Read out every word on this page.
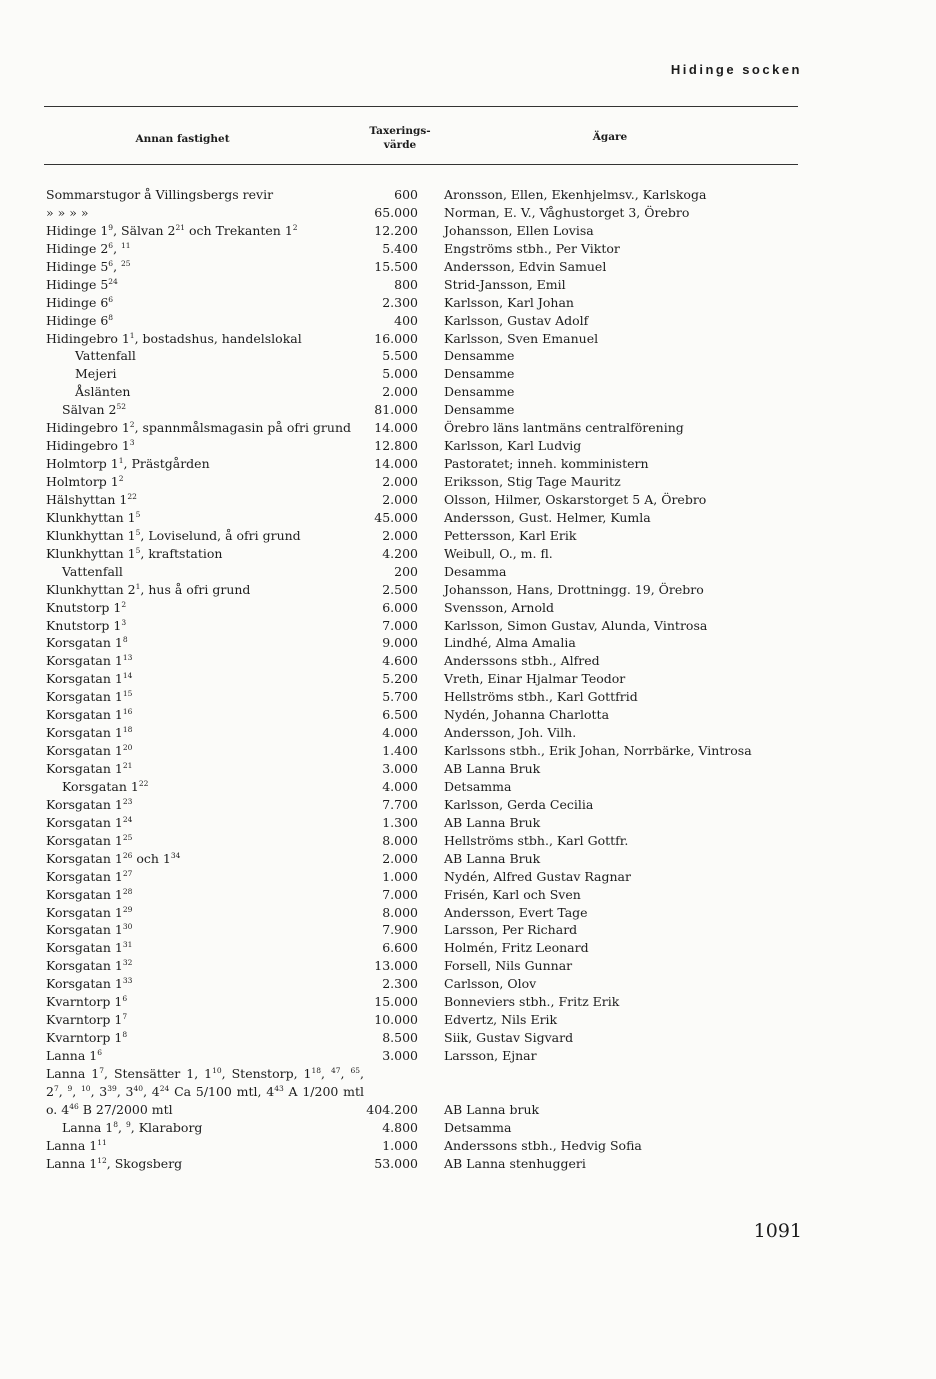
Hidinge socken
Annan fastighet
Taxerings-
värde
Ägare
Sommarstugor å Villingsbergs revir	600 Aronsson, Ellen, Ekenhjelmsv., Karlskoga
» » » »	65.000 Norman, E. V., Våghustorget 3, Örebro
Hidinge $1^9$, Sälvan $2^{21}$ och Trekanten $1^2$	12.200 Johansson, Ellen Lovisa
Hidinge $2^6$, $^{11}$	5.400 Engströms stbh., Per Viktor
Hidinge $5^6$, $^{25}$	15.500 Andersson, Edvin Samuel
Hidinge $5^{24}$	800 Strid-Jansson, Emil
Hidinge $6^6$	2.300 Karlsson, Karl Johan
Hidinge $6^8$	400 Karlsson, Gustav Adolf
Hidingebro $1^1$, bostadshus, handelslokal	16.000 Karlsson, Sven Emanuel
Vattenfall	5.500 Densamme
Mejeri	5.000 Densamme
Åslänten	2.000 Densamme
Sälvan $2^{52}$	81.000 Densamme
Hidingebro $1^2$, spannmålsmagasin på ofri grund	14.000 Örebro läns lantmäns centralförening
Hidingebro $1^3$	12.800 Karlsson, Karl Ludvig
Holmtorp $1^1$, Prästgården	14.000 Pastoratet; inneh. komministern
Holmtorp $1^2$	2.000 Eriksson, Stig Tage Mauritz
Hälshyttan $1^{22}$	2.000 Olsson, Hilmer, Oskarstorget 5 A, Örebro
Klunkhyttan $1^5$	45.000 Andersson, Gust. Helmer, Kumla
Klunkhyttan $1^5$, Loviselund, å ofri grund	2.000 Pettersson, Karl Erik
Klunkhyttan $1^5$, kraftstation	4.200 Weibull, O., m. fl.
Vattenfall	200 Desamma
Klunkhyttan $2^1$, hus å ofri grund	2.500 Johansson, Hans, Drottningg. 19, Örebro
Knutstorp $1^2$	6.000 Svensson, Arnold
Knutstorp $1^3$	7.000 Karlsson, Simon Gustav, Alunda, Vintrosa
Korsgatan $1^8$	9.000 Lindhé, Alma Amalia
Korsgatan $1^{13}$	4.600 Anderssons stbh., Alfred
Korsgatan $1^{14}$	5.200 Vreth, Einar Hjalmar Teodor
Korsgatan $1^{15}$	5.700 Hellströms stbh., Karl Gottfrid
Korsgatan $1^{16}$	6.500 Nydén, Johanna Charlotta
Korsgatan $1^{18}$	4.000 Andersson, Joh. Vilh.
Korsgatan $1^{20}$	1.400 Karlssons stbh., Erik Johan, Norrbärke, Vintrosa
Korsgatan $1^{21}$	3.000 AB Lanna Bruk
Korsgatan $1^{22}$	4.000 Detsamma
Korsgatan $1^{23}$	7.700 Karlsson, Gerda Cecilia
Korsgatan $1^{24}$	1.300 AB Lanna Bruk
Korsgatan $1^{25}$	8.000 Hellströms stbh., Karl Gottfr.
Korsgatan $1^{26}$ och $1^{34}$	2.000 AB Lanna Bruk
Korsgatan $1^{27}$	1.000 Nydén, Alfred Gustav Ragnar
Korsgatan $1^{28}$	7.000 Frisén, Karl och Sven
Korsgatan $1^{29}$	8.000 Andersson, Evert Tage
Korsgatan $1^{30}$	7.900 Larsson, Per Richard
Korsgatan $1^{31}$	6.600 Holmén, Fritz Leonard
Korsgatan $1^{32}$	13.000 Forsell, Nils Gunnar
Korsgatan $1^{33}$	2.300 Carlsson, Olov
Kvarntorp $1^6$	15.000 Bonneviers stbh., Fritz Erik
Kvarntorp $1^7$	10.000 Edvertz, Nils Erik
Kvarntorp $1^8$	8.500 Siik, Gustav Sigvard
Lanna $1^6$	3.000 Larsson, Ejnar
Lanna $1^7$, Stensätter 1, $1^{10}$, Stenstorp, $1^{18}$, $^{47}$, $^{65}$, $2^7$, $^9$, $^{10}$, $3^{39}$, $3^{40}$, $4^{24}$ Ca 5/100 mtl, $4^{43}$ A 1/200 mtl o. $4^{46}$ B 27/2000 mtl	404.200 AB Lanna bruk
Lanna $1^8$, $^9$, Klaraborg	4.800 Detsamma
Lanna $1^{11}$	1.000 Anderssons stbh., Hedvig Sofia
Lanna $1^{12}$, Skogsberg	53.000 AB Lanna stenhuggeri
1091
